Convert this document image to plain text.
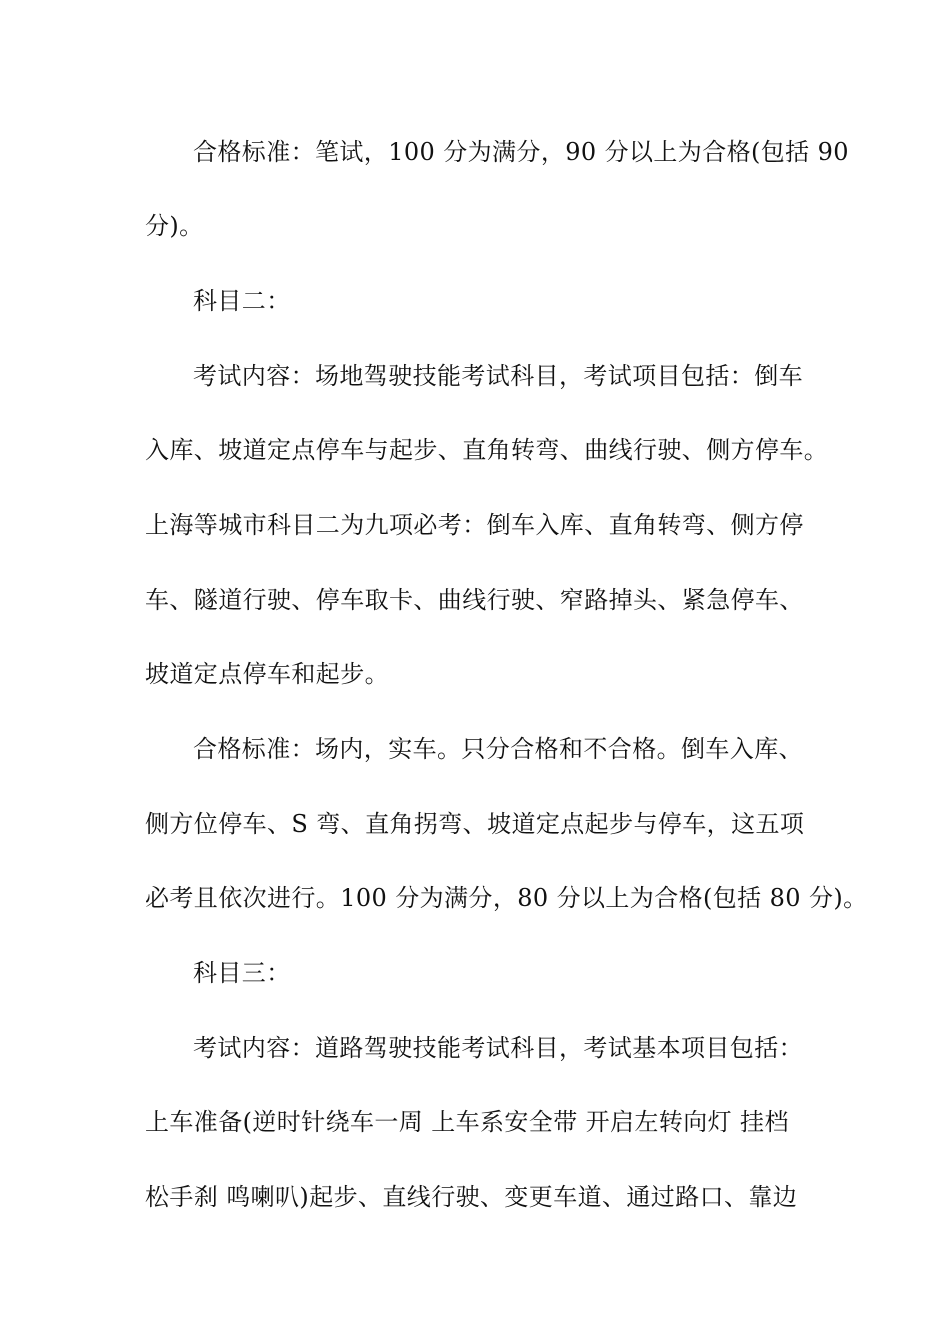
合格标准：笔试，100 分为满分，90 分以上为合格(包括 90
分)。
科目二：
考试内容：场地驾驶技能考试科目，考试项目包括：倒车
入库、坡道定点停车与起步、直角转弯、曲线行驶、侧方停车。
上海等城市科目二为九项必考：倒车入库、直角转弯、侧方停
车、隧道行驶、停车取卡、曲线行驶、窄路掉头、紧急停车、
坡道定点停车和起步。
合格标准：场内，实车。只分合格和不合格。倒车入库、
侧方位停车、S 弯、直角拐弯、坡道定点起步与停车，这五项
必考且依次进行。100 分为满分，80 分以上为合格(包括 80 分)。
科目三：
考试内容：道路驾驶技能考试科目，考试基本项目包括：
上车准备(逆时针绕车一周 上车系安全带 开启左转向灯 挂档
松手刹 鸣喇叭)起步、直线行驶、变更车道、通过路口、靠边
